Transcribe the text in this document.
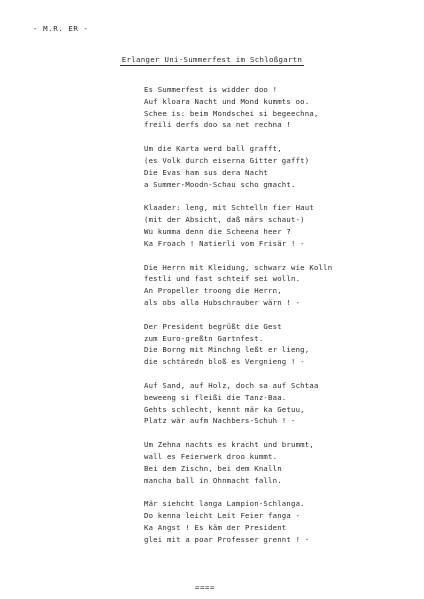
- M.R. ER -
Erlanger Uni-Summerfest im Schloßgartn
Es Summerfest is widder doo !
Auf kloara Nacht und Mond kummts oo.
Schee is: beim Mondschei si begeechna,
freili derfs doo sa net rechna !
Um die Karta werd ball grafft,
(es Volk durch eiserna Gitter gafft)
Die Evas ham sus dera Nacht
a Summer-Moodn-Schau scho gmacht.
Klaader: leng, mit Schtelln fier Haut
(mit der Absicht, daß märs schaut-)
Wu kumma denn die Scheena heer ?
Ka Froach ! Natierli vom Frisär ! -
Die Herrn mit Kleidung, schwarz wie Kolln
festli und fast schteif sei wolln.
An Propeller troong die Herrn,
als obs alla Hubschrauber wärn ! -
Der President begrüßt die Gest
zum Euro-greßtn Gartnfest.
Die Borng mit Minchng leßt er lieng,
die schtäredn bloß es Vergnieng ! -
Auf Sand, auf Holz, doch sa auf Schtaa
beweeng si fleißi die Tanz-Baa.
Gehts schlecht, kennt mär ka Getuu,
Platz wär aufm Nachbers-Schuh ! -
Um Zehna nachts es kracht und brummt,
wall es Feierwerk droo kummt.
Bei dem Zischn, bei dem Knalln
mancha ball in Ohnmacht falln.
Mär siehcht langa Lampion-Schlanga.
Do kenna leicht Leit Feier fanga -
Ka Angst ! Es käm der President
glei mit a poar Professer grennt ! -
====
